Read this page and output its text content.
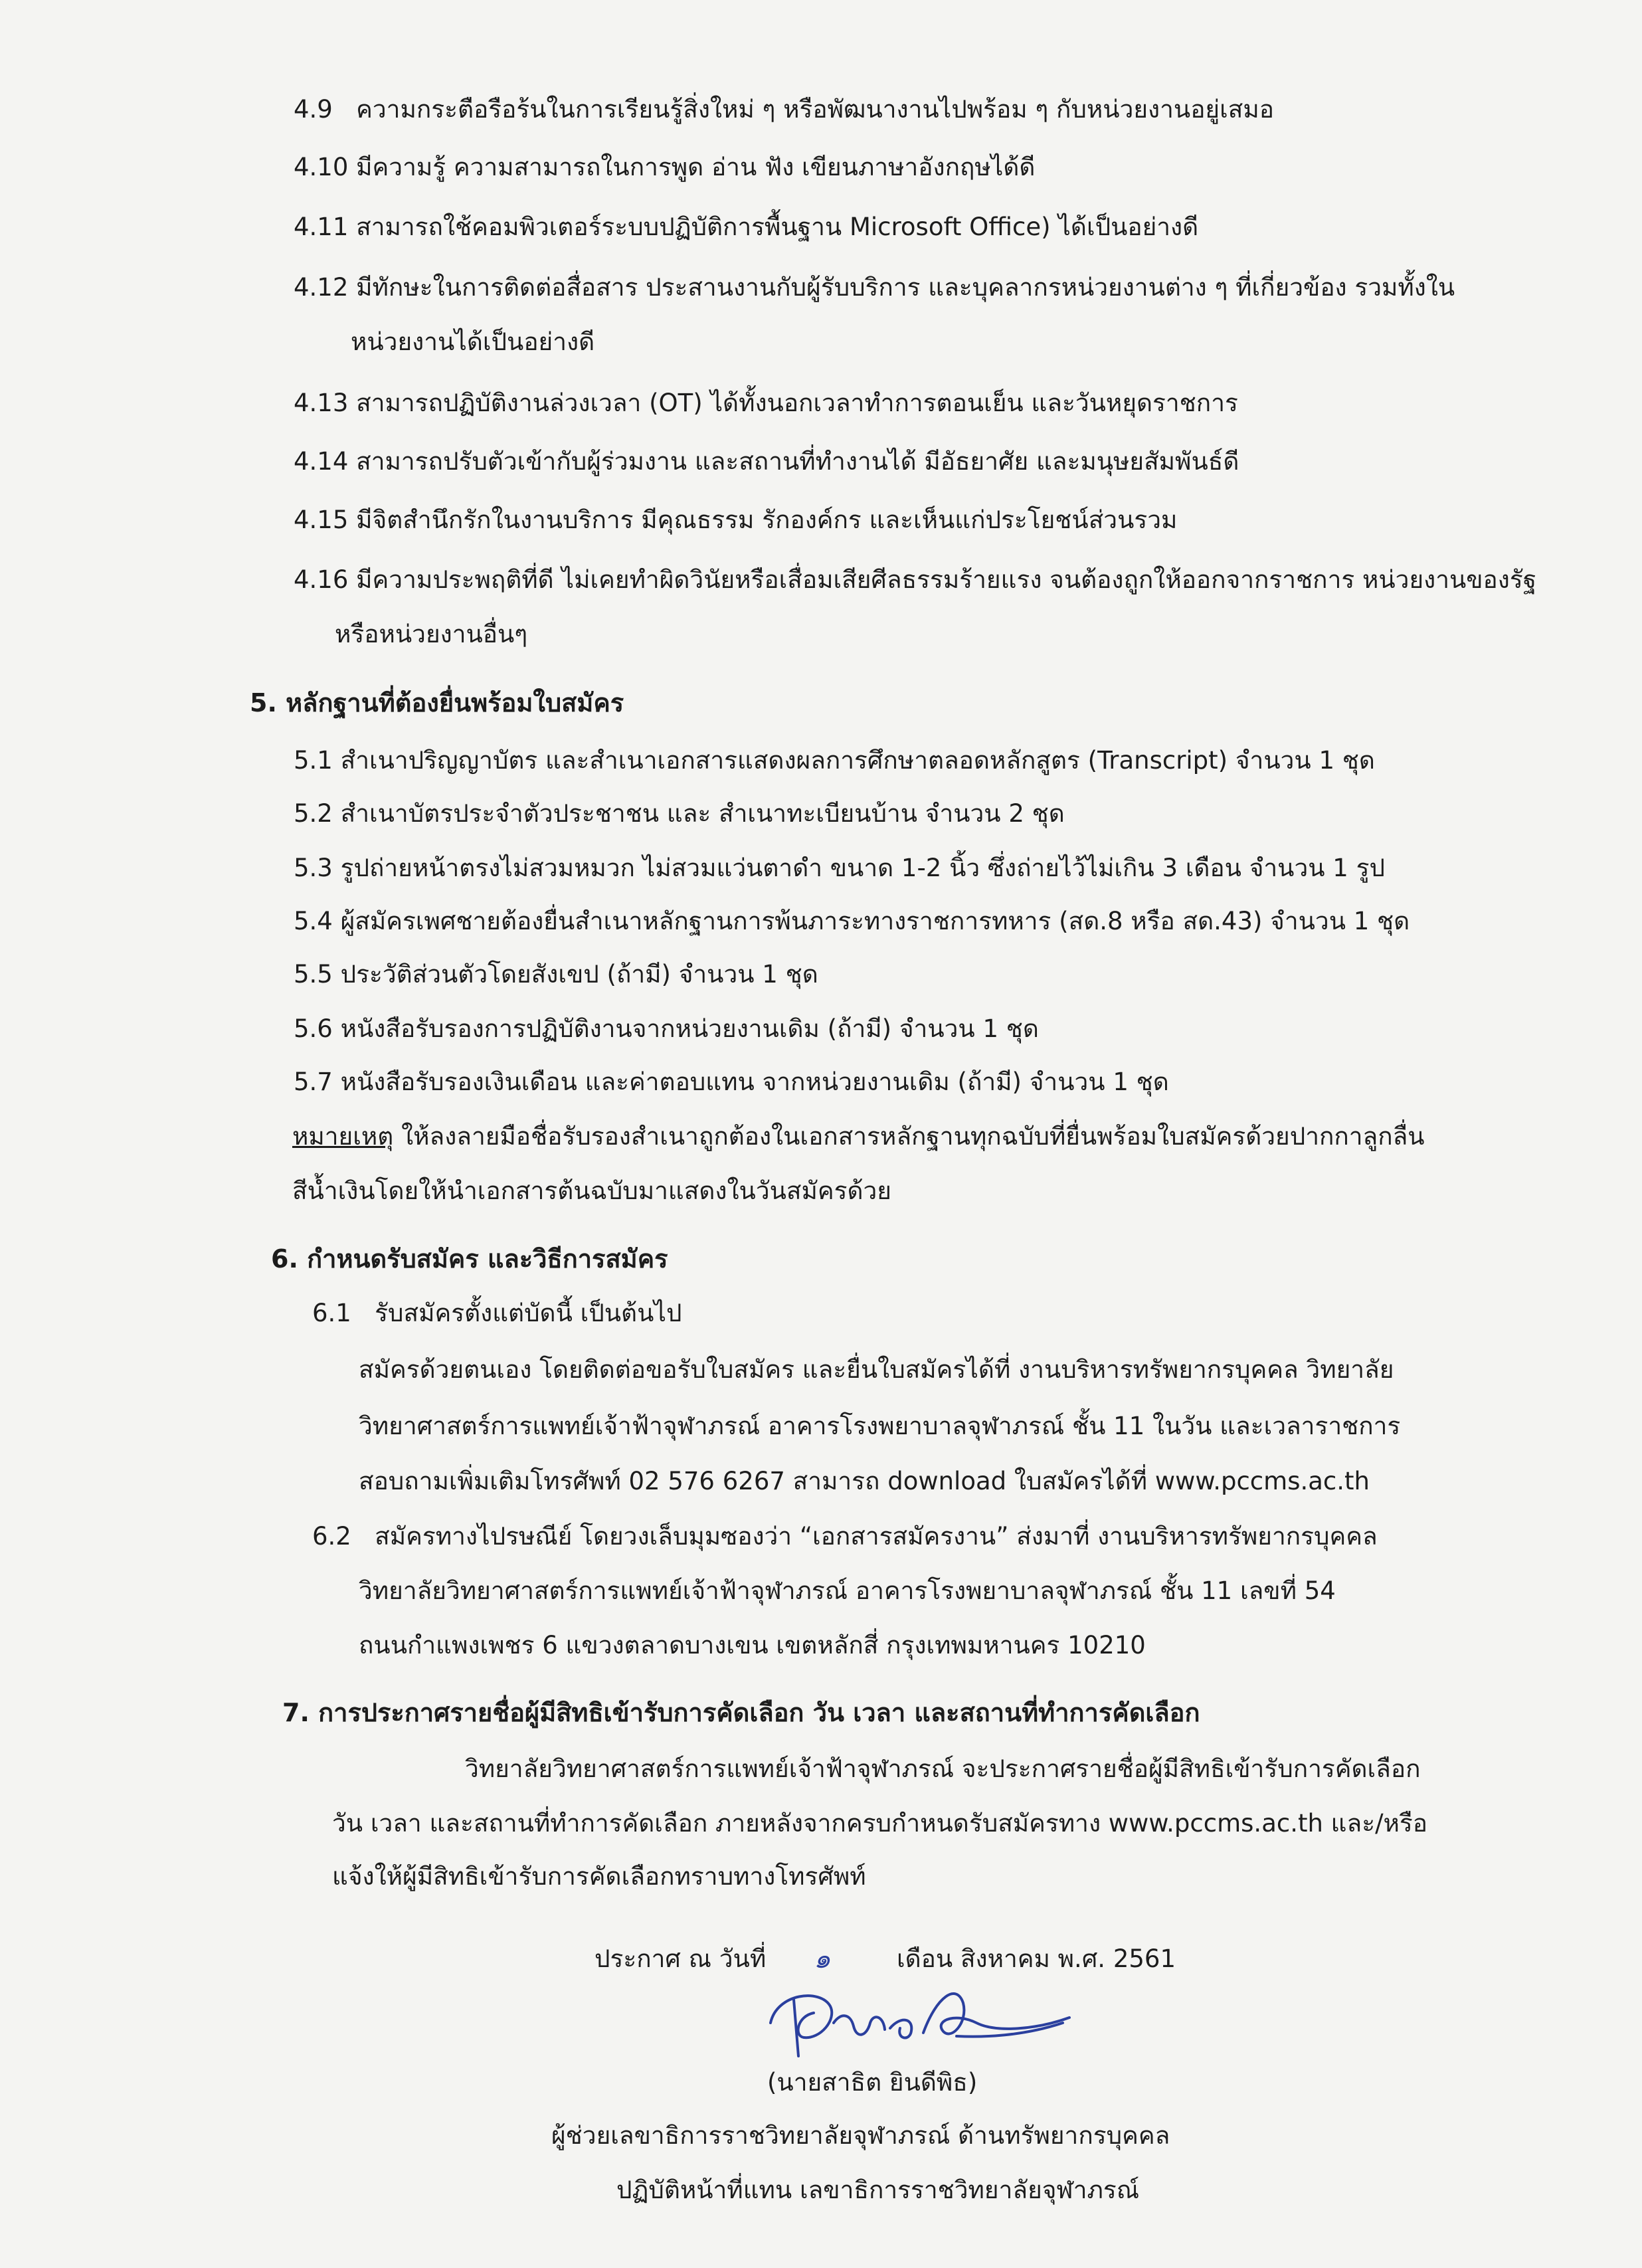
4.9 ความกระตือรือร้นในการเรียนรู้สิ่งใหม่ ๆ หรือพัฒนางานไปพร้อม ๆ กับหน่วยงานอยู่เสมอ
4.10 มีความรู้ ความสามารถในการพูด อ่าน ฟัง เขียนภาษาอังกฤษได้ดี
4.11 สามารถใช้คอมพิวเตอร์ระบบปฏิบัติการพื้นฐาน Microsoft Office) ได้เป็นอย่างดี
4.12 มีทักษะในการติดต่อสื่อสาร ประสานงานกับผู้รับบริการ และบุคลากรหน่วยงานต่าง ๆ ที่เกี่ยวข้อง รวมทั้งใน
หน่วยงานได้เป็นอย่างดี
4.13 สามารถปฏิบัติงานล่วงเวลา (OT) ได้ทั้งนอกเวลาทำการตอนเย็น และวันหยุดราชการ
4.14 สามารถปรับตัวเข้ากับผู้ร่วมงาน และสถานที่ทำงานได้ มีอัธยาศัย และมนุษยสัมพันธ์ดี
4.15 มีจิตสำนึกรักในงานบริการ มีคุณธรรม รักองค์กร และเห็นแก่ประโยชน์ส่วนรวม
4.16 มีความประพฤติที่ดี ไม่เคยทำผิดวินัยหรือเสื่อมเสียศีลธรรมร้ายแรง จนต้องถูกให้ออกจากราชการ หน่วยงานของรัฐ
หรือหน่วยงานอื่นๆ
5. หลักฐานที่ต้องยื่นพร้อมใบสมัคร
5.1 สำเนาปริญญาบัตร และสำเนาเอกสารแสดงผลการศึกษาตลอดหลักสูตร (Transcript) จำนวน 1 ชุด
5.2 สำเนาบัตรประจำตัวประชาชน และ สำเนาทะเบียนบ้าน จำนวน 2 ชุด
5.3 รูปถ่ายหน้าตรงไม่สวมหมวก ไม่สวมแว่นตาดำ ขนาด 1-2 นิ้ว ซึ่งถ่ายไว้ไม่เกิน 3 เดือน จำนวน 1 รูป
5.4 ผู้สมัครเพศชายต้องยื่นสำเนาหลักฐานการพ้นภาระทางราชการทหาร (สด.8 หรือ สด.43) จำนวน 1 ชุด
5.5 ประวัติส่วนตัวโดยสังเขป (ถ้ามี) จำนวน 1 ชุด
5.6 หนังสือรับรองการปฏิบัติงานจากหน่วยงานเดิม (ถ้ามี) จำนวน 1 ชุด
5.7 หนังสือรับรองเงินเดือน และค่าตอบแทน จากหน่วยงานเดิม (ถ้ามี) จำนวน 1 ชุด
หมายเหตุ ให้ลงลายมือชื่อรับรองสำเนาถูกต้องในเอกสารหลักฐานทุกฉบับที่ยื่นพร้อมใบสมัครด้วยปากกาลูกลื่น
สีน้ำเงินโดยให้นำเอกสารต้นฉบับมาแสดงในวันสมัครด้วย
6. กำหนดรับสมัคร และวิธีการสมัคร
6.1 รับสมัครตั้งแต่บัดนี้ เป็นต้นไป
สมัครด้วยตนเอง โดยติดต่อขอรับใบสมัคร และยื่นใบสมัครได้ที่ งานบริหารทรัพยากรบุคคล วิทยาลัย
วิทยาศาสตร์การแพทย์เจ้าฟ้าจุฬาภรณ์ อาคารโรงพยาบาลจุฬาภรณ์ ชั้น 11 ในวัน และเวลาราชการ
สอบถามเพิ่มเติมโทรศัพท์ 02 576 6267 สามารถ download ใบสมัครได้ที่ www.pccms.ac.th
6.2 สมัครทางไปรษณีย์ โดยวงเล็บมุมซองว่า “เอกสารสมัครงาน” ส่งมาที่ งานบริหารทรัพยากรบุคคล
วิทยาลัยวิทยาศาสตร์การแพทย์เจ้าฟ้าจุฬาภรณ์ อาคารโรงพยาบาลจุฬาภรณ์ ชั้น 11 เลขที่ 54
ถนนกำแพงเพชร 6 แขวงตลาดบางเขน เขตหลักสี่ กรุงเทพมหานคร 10210
7. การประกาศรายชื่อผู้มีสิทธิเข้ารับการคัดเลือก วัน เวลา และสถานที่ทำการคัดเลือก
วิทยาลัยวิทยาศาสตร์การแพทย์เจ้าฟ้าจุฬาภรณ์ จะประกาศรายชื่อผู้มีสิทธิเข้ารับการคัดเลือก
วัน เวลา และสถานที่ทำการคัดเลือก ภายหลังจากครบกำหนดรับสมัครทาง www.pccms.ac.th และ/หรือ
แจ้งให้ผู้มีสิทธิเข้ารับการคัดเลือกทราบทางโทรศัพท์
ประกาศ ณ วันที่ ๑	เดือน สิงหาคม พ.ศ. 2561
(นายสาธิต ยินดีพิธ)
ผู้ช่วยเลขาธิการราชวิทยาลัยจุฬาภรณ์ ด้านทรัพยากรบุคคล
ปฏิบัติหน้าที่แทน เลขาธิการราชวิทยาลัยจุฬาภรณ์
